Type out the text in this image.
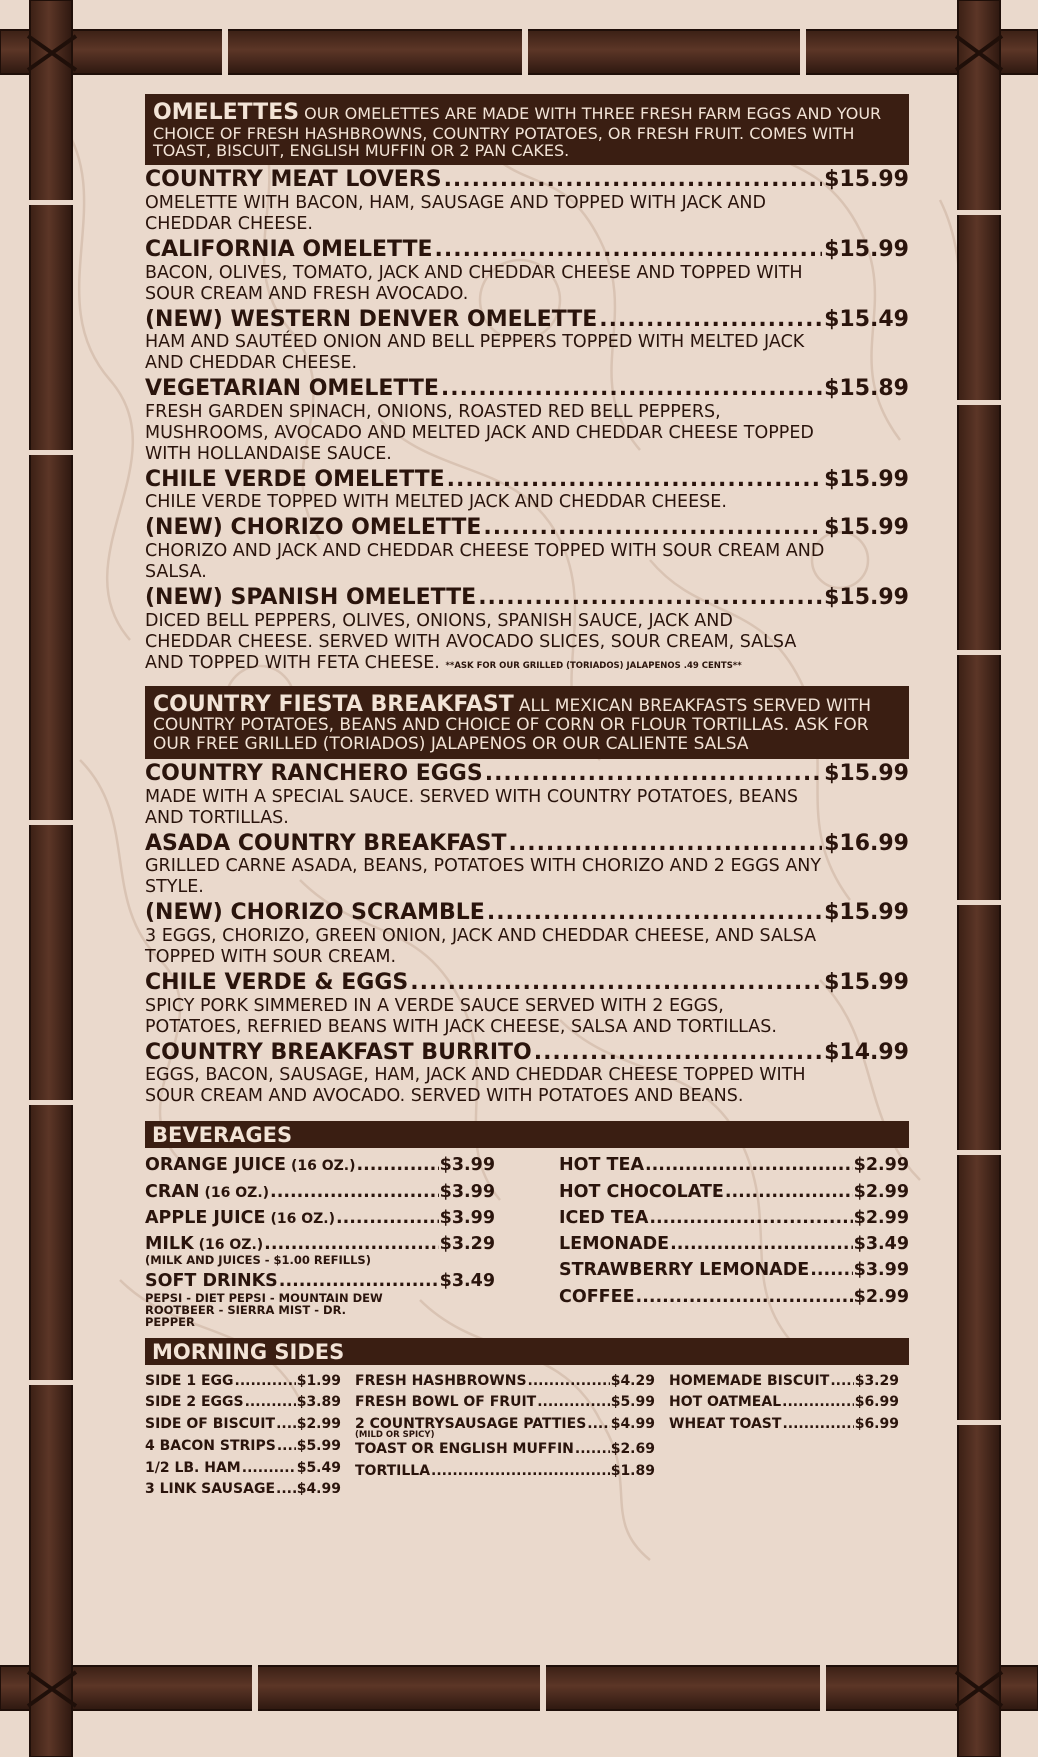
OMELETTES OUR OMELETTES ARE MADE WITH THREE FRESH FARM EGGS AND YOUR CHOICE OF FRESH HASHBROWNS, COUNTRY POTATOES, OR FRESH FRUIT. COMES WITH TOAST, BISCUIT, ENGLISH MUFFIN OR 2 PAN CAKES.
COUNTRY MEAT LOVERS .....	$15.99
OMELETTE WITH BACON, HAM, SAUSAGE AND TOPPED WITH JACK AND CHEDDAR CHEESE.
CALIFORNIA OMELETTE .....	$15.99
BACON, OLIVES, TOMATO, JACK AND CHEDDAR CHEESE AND TOPPED WITH SOUR CREAM AND FRESH AVOCADO.
(NEW) WESTERN DENVER OMELETTE .....	$15.49
HAM AND SAUTÉED ONION AND BELL PEPPERS TOPPED WITH MELTED JACK AND CHEDDAR CHEESE.
VEGETARIAN OMELETTE .....	$15.89
FRESH GARDEN SPINACH, ONIONS, ROASTED RED BELL PEPPERS, MUSHROOMS, AVOCADO AND MELTED JACK AND CHEDDAR CHEESE TOPPED WITH HOLLANDAISE SAUCE.
CHILE VERDE OMELETTE .....	$15.99
CHILE VERDE TOPPED WITH MELTED JACK AND CHEDDAR CHEESE.
(NEW) CHORIZO OMELETTE .....	$15.99
CHORIZO AND JACK AND CHEDDAR CHEESE TOPPED WITH SOUR CREAM AND SALSA.
(NEW) SPANISH OMELETTE .....	$15.99
DICED BELL PEPPERS, OLIVES, ONIONS, SPANISH SAUCE, JACK AND CHEDDAR CHEESE. SERVED WITH AVOCADO SLICES, SOUR CREAM, SALSA AND TOPPED WITH FETA CHEESE. **ASK FOR OUR GRILLED (TORIADOS) JALAPENOS .49 CENTS**
COUNTRY FIESTA BREAKFAST ALL MEXICAN BREAKFASTS SERVED WITH COUNTRY POTATOES, BEANS AND CHOICE OF CORN OR FLOUR TORTILLAS. ASK FOR OUR FREE GRILLED (TORIADOS) JALAPENOS OR OUR CALIENTE SALSA
COUNTRY RANCHERO EGGS .....	$15.99
MADE WITH A SPECIAL SAUCE. SERVED WITH COUNTRY POTATOES, BEANS AND TORTILLAS.
ASADA COUNTRY BREAKFAST .....	$16.99
GRILLED CARNE ASADA, BEANS, POTATOES WITH CHORIZO AND 2 EGGS ANY STYLE.
(NEW) CHORIZO SCRAMBLE .....	$15.99
3 EGGS, CHORIZO, GREEN ONION, JACK AND CHEDDAR CHEESE, AND SALSA TOPPED WITH SOUR CREAM.
CHILE VERDE & EGGS .....	$15.99
SPICY PORK SIMMERED IN A VERDE SAUCE SERVED WITH 2 EGGS, POTATOES, REFRIED BEANS WITH JACK CHEESE, SALSA AND TORTILLAS.
COUNTRY BREAKFAST BURRITO .....	$14.99
EGGS, BACON, SAUSAGE, HAM, JACK AND CHEDDAR CHEESE TOPPED WITH SOUR CREAM AND AVOCADO. SERVED WITH POTATOES AND BEANS.
BEVERAGES
ORANGE JUICE (16 OZ.) .....	$3.99
CRAN (16 OZ.) .....	$3.99
APPLE JUICE (16 OZ.) .....	$3.99
MILK (16 OZ.) .....	$3.29
(MILK AND JUICES - $1.00 REFILLS)
SOFT DRINKS .....	$3.49
PEPSI - DIET PEPSI - MOUNTAIN DEW ROOTBEER - SIERRA MIST - DR. PEPPER
HOT TEA .....	$2.99
HOT CHOCOLATE .....	$2.99
ICED TEA .....	$2.99
LEMONADE .....	$3.49
STRAWBERRY LEMONADE .....	$3.99
COFFEE .....	$2.99
MORNING SIDES
SIDE 1 EGG .....	$1.99
SIDE 2 EGGS .....	$3.89
SIDE OF BISCUIT ..... $2.99
4 BACON STRIPS ..... $5.99
1/2 LB. HAM .....	$5.49
3 LINK SAUSAGE ..... $4.99
FRESH HASHBROWNS .....	$4.29
FRESH BOWL OF FRUIT .....	$5.99
2 COUNTRYSAUSAGE PATTIES ..... $4.99
(MILD OR SPICY)
TOAST OR ENGLISH MUFFIN .....	$2.69
TORTILLA .....	$1.89
HOMEMADE BISCUIT ..... $3.29
HOT OATMEAL .....	$6.99
WHEAT TOAST .....	$6.99
